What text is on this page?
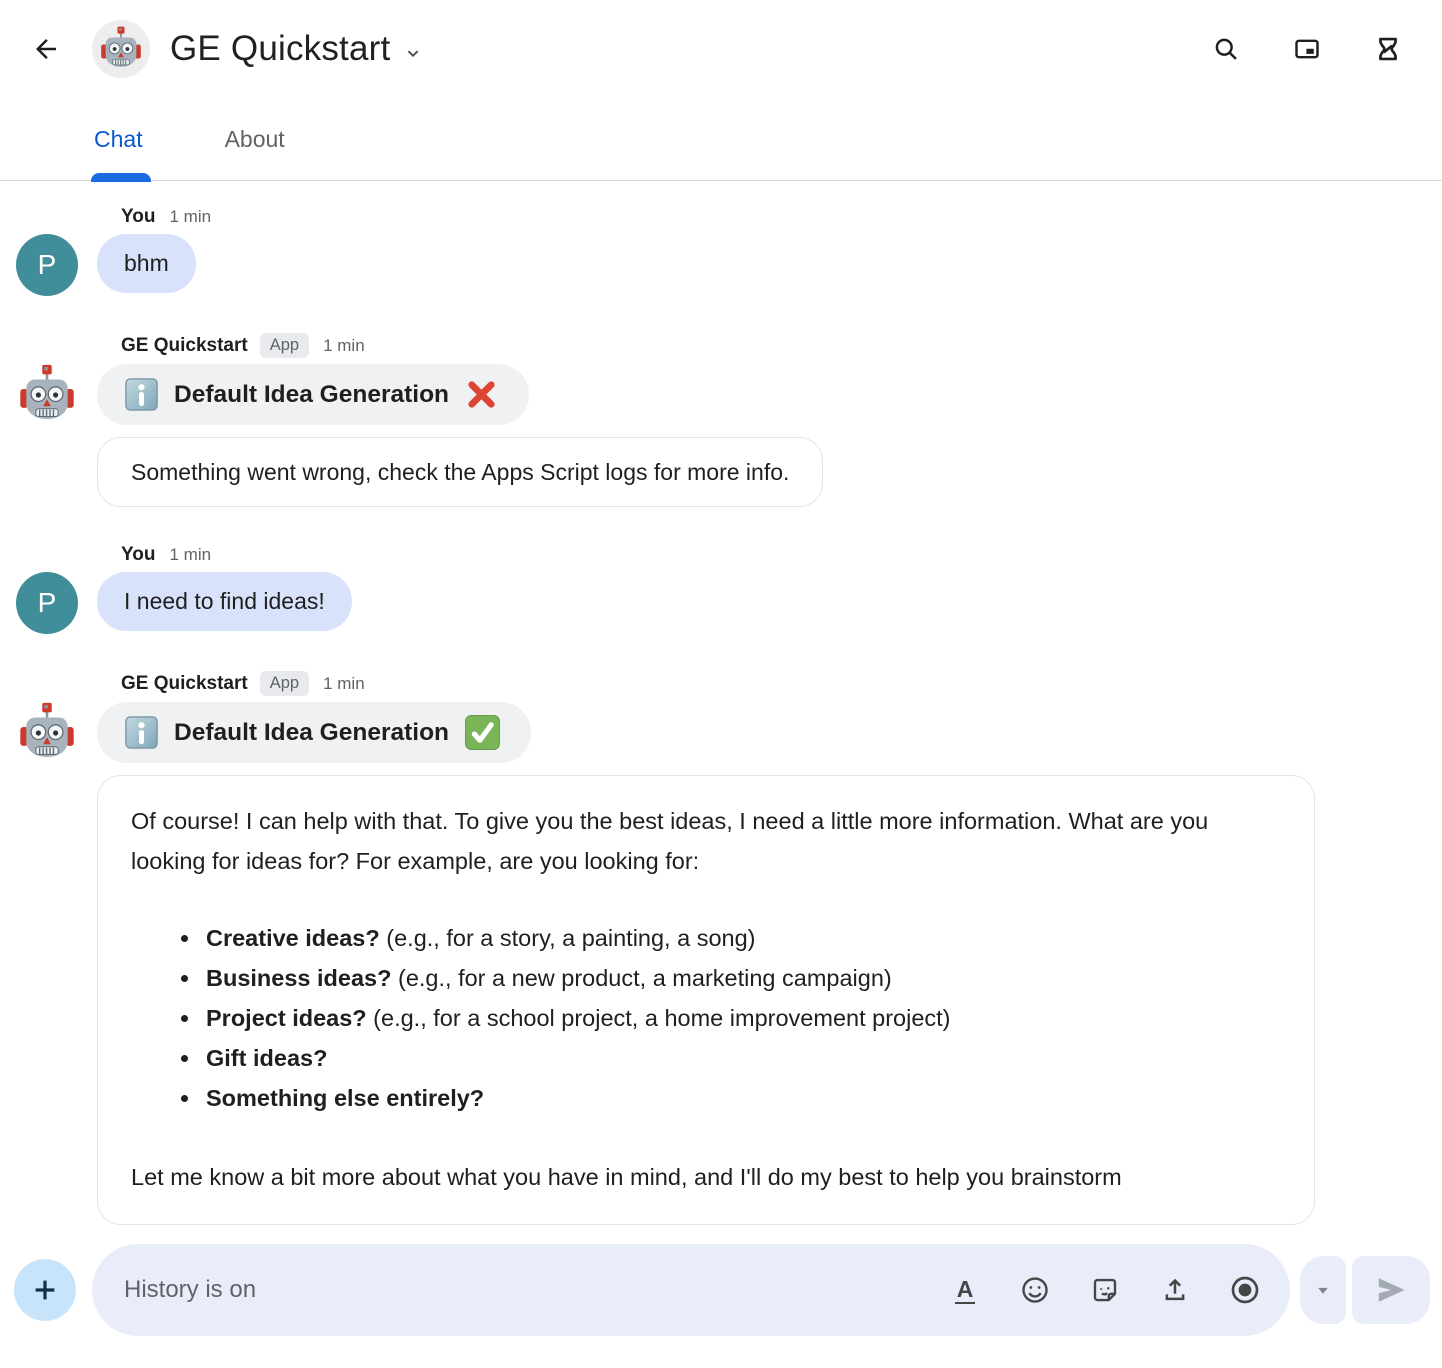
GE Quickstart
Chat	About
You 1 min
P	bhm
GE Quickstart	App	1 min
Default Idea Generation
Something went wrong, check the Apps Script logs for more info.
You 1 min
P	I need to find ideas!
GE Quickstart	App	1 min
Default Idea Generation
Of course! I can help with that. To give you the best ideas, I need a little more information. What are you looking for ideas for? For example, are you looking for:
• Creative ideas? (e.g., for a story, a painting, a song)
• Business ideas? (e.g., for a new product, a marketing campaign)
• Project ideas? (e.g., for a school project, a home improvement project)
• Gift ideas?
• Something else entirely?
Let me know a bit more about what you have in mind, and I'll do my best to help you brainstorm
History is on
A
